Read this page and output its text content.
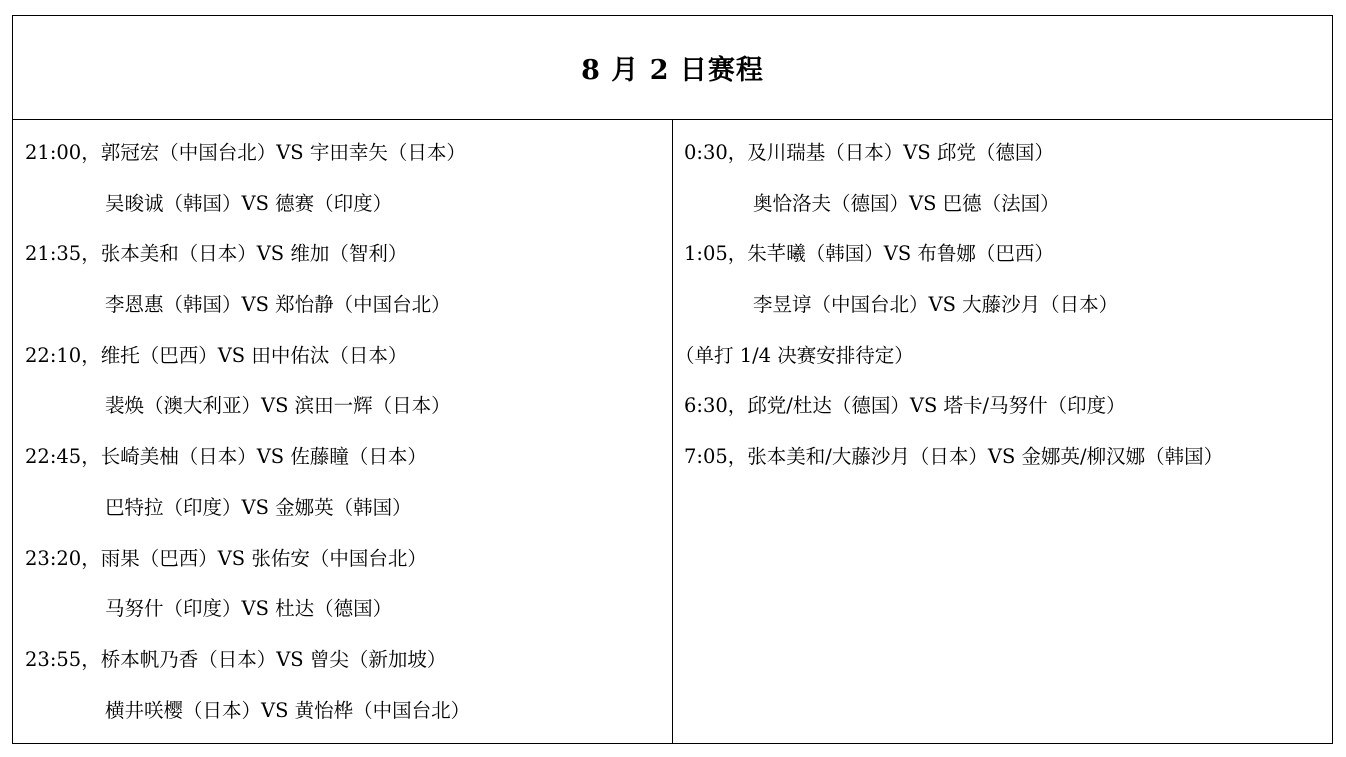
8 月 2 日赛程
21:00，郭冠宏（中国台北）VS 宇田幸矢（日本）
吴晙诚（韩国）VS 德赛（印度）
21:35，张本美和（日本）VS 维加（智利）
李恩惠（韩国）VS 郑怡静（中国台北）
22:10，维托（巴西）VS 田中佑汰（日本）
裴焕（澳大利亚）VS 滨田一辉（日本）
22:45，长崎美柚（日本）VS 佐藤瞳（日本）
巴特拉（印度）VS 金娜英（韩国）
23:20，雨果（巴西）VS 张佑安（中国台北）
马努什（印度）VS 杜达（德国）
23:55，桥本帆乃香（日本）VS 曾尖（新加坡）
横井咲樱（日本）VS 黄怡桦（中国台北）
0:30，及川瑞基（日本）VS 邱党（德国）
奥恰洛夫（德国）VS 巴德（法国）
1:05，朱芊曦（韩国）VS 布鲁娜（巴西）
李昱谆（中国台北）VS 大藤沙月（日本）
（单打 1/4 决赛安排待定）
6:30，邱党/杜达（德国）VS 塔卡/马努什（印度）
7:05，张本美和/大藤沙月（日本）VS 金娜英/柳汉娜（韩国）
